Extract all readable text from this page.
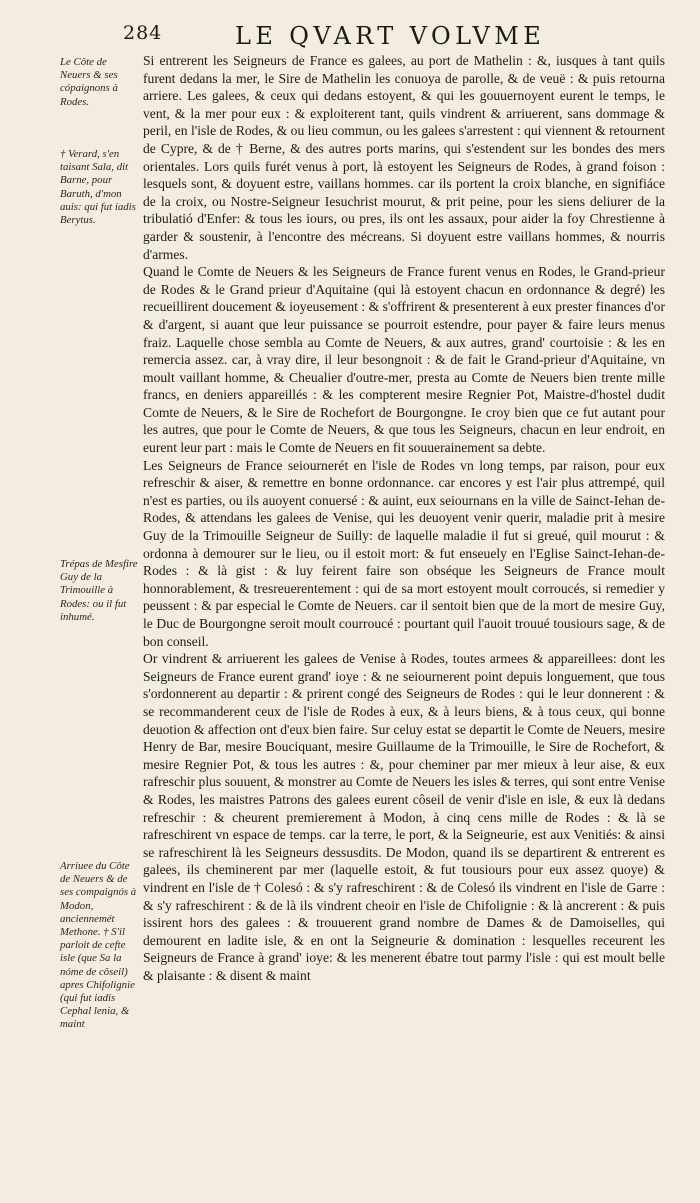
284	LE QVART VOLVME
Le Côte de Neuers & ses cópaignons à Rodes.
† Verard, s'en taisant Sala, dit Barne, pour Baruth, d'mon auis: qui fut iadis Berytus.
Trépas de Mesfire Guy de la Trimouille à Rodes: ou il fut inhumé.
Arriuee du Côte de Neuers & de ses compaignós à Modon, anciennemét Methone. † S'il parloit de cefte isle (que Sa la nóme de côseil) apres Chifolignie (qui fut iadis Cephal lenia, & maint

Si entrerent les Seigneurs de France es galees, au port de Mathelin : &, iusques à tant quils furent dedans la mer, le Sire de Mathelin les conuoya de parolle, & de veuë : & puis retourna arriere. Les galees, & ceux qui dedans estoyent, & qui les gouuernoyent eurent le temps, le vent, & la mer pour eux : & exploiterent tant, quils vindrent & arriuerent, sans dommage & peril, en l'isle de Rodes, & ou lieu commun, ou les galees s'arrestent : qui viennent & retournent de Cypre, & de † Berne, & des autres ports marins, qui s'estendent sur les bondes des mers orientales. Lors quils furét venus à port, là estoyent les Seigneurs de Rodes, à grand foison : lesquels sont, & doyuent estre, vaillans hommes. car ils portent la croix blanche, en signifiáce de la croix, ou Nostre-Seigneur Iesuchrist mourut, & prit peine, pour les siens deliurer de la tribulatió d'Enfer: & tous les iours, ou pres, ils ont les assaux, pour aider la foy Chrestienne à garder & soustenir, à l'encontre des mécreans. Si doyuent estre vaillans hommes, & nourris d'armes.

Quand le Comte de Neuers & les Seigneurs de France furent venus en Rodes, le Grand-prieur de Rodes & le Grand prieur d'Aquitaine (qui là estoyent chacun en ordonnance & degré) les recueillirent doucement & ioyeusement : & s'offrirent & presenterent à eux prester finances d'or & d'argent, si auant que leur puissance se pourroit estendre, pour payer & faire leurs menus fraiz. Laquelle chose sembla au Comte de Neuers, & aux autres, grand' courtoisie : & les en remercia assez. car, à vray dire, il leur besongnoit : & de fait le Grand-prieur d'Aquitaine, vn moult vaillant homme, & Cheualier d'outre-mer, presta au Comte de Neuers bien trente mille francs, en deniers appareillés : & les compterent mesire Regnier Pot, Maistre-d'hostel dudit Comte de Neuers, & le Sire de Rochefort de Bourgongne. Ie croy bien que ce fut autant pour les autres, que pour le Comte de Neuers, & que tous les Seigneurs, chacun en leur endroit, en eurent leur part : mais le Comte de Neuers en fit souuerainement sa debte.

Les Seigneurs de France seiournerét en l'isle de Rodes vn long temps, par raison, pour eux refreschir & aiser, & remettre en bonne ordonnance. car encores y est l'air plus attrempé, quil n'est es parties, ou ils auoyent conuersé : & auint, eux seiournans en la ville de Sainct-Iehan de-Rodes, & attendans les galees de Venise, qui les deuoyent venir querir, maladie prit à mesire Guy de la Trimouille Seigneur de Suilly: de laquelle maladie il fut si greué, quil mourut : & ordonna à demourer sur le lieu, ou il estoit mort: & fut enseuely en l'Eglise Sainct-Iehan-de-Rodes : & là gist : & luy feirent faire son obséque les Seigneurs de France moult honnorablement, & tresreuerentement : qui de sa mort estoyent moult corroucés, si remedier y peussent : & par especial le Comte de Neuers. car il sentoit bien que de la mort de mesire Guy, le Duc de Bourgongne seroit moult courroucé : pourtant quil l'auoit trouué tousiours sage, & de bon conseil.

Or vindrent & arriuerent les galees de Venise à Rodes, toutes armees & appareillees: dont les Seigneurs de France eurent grand' ioye : & ne seiournerent point depuis longuement, que tous s'ordonnerent au departir : & prirent congé des Seigneurs de Rodes : qui le leur donnerent : & se recommanderent ceux de l'isle de Rodes à eux, & à leurs biens, & à tous ceux, qui bonne deuotion & affection ont d'eux bien faire. Sur celuy estat se departit le Comte de Neuers, mesire Henry de Bar, mesire Bouciquant, mesire Guillaume de la Trimouille, le Sire de Rochefort, & mesire Regnier Pot, & tous les autres : &, pour cheminer par mer mieux à leur aise, & eux rafreschir plus souuent, & monstrer au Comte de Neuers les isles & terres, qui sont entre Venise & Rodes, les maistres Patrons des galees eurent côseil de venir d'isle en isle, & eux là dedans refreschir : & cheurent premierement à Modon, à cinq cens mille de Rodes : & là se rafreschirent vn espace de temps. car la terre, le port, & la Seigneurie, est aux Venitiés: & ainsi se rafreschirent là les Seigneurs dessusdits. De Modon, quand ils se departirent & entrerent es galees, ils cheminerent par mer (laquelle estoit, & fut tousiours pour eux assez quoye) & vindrent en l'isle de † Colesó : & s'y rafreschirent : & de Colesó ils vindrent en l'isle de Garre : & s'y rafreschirent : & de là ils vindrent cheoir en l'isle de Chifolignie : & là ancrerent : & puis issirent hors des galees : & trouuerent grand nombre de Dames & de Damoiselles, qui demourent en ladite isle, & en ont la Seigneurie & domination : lesquelles receurent les Seigneurs de France à grand' ioye: & les menerent ébatre tout parmy l'isle : qui est moult belle & plaisante : & disent & maint
